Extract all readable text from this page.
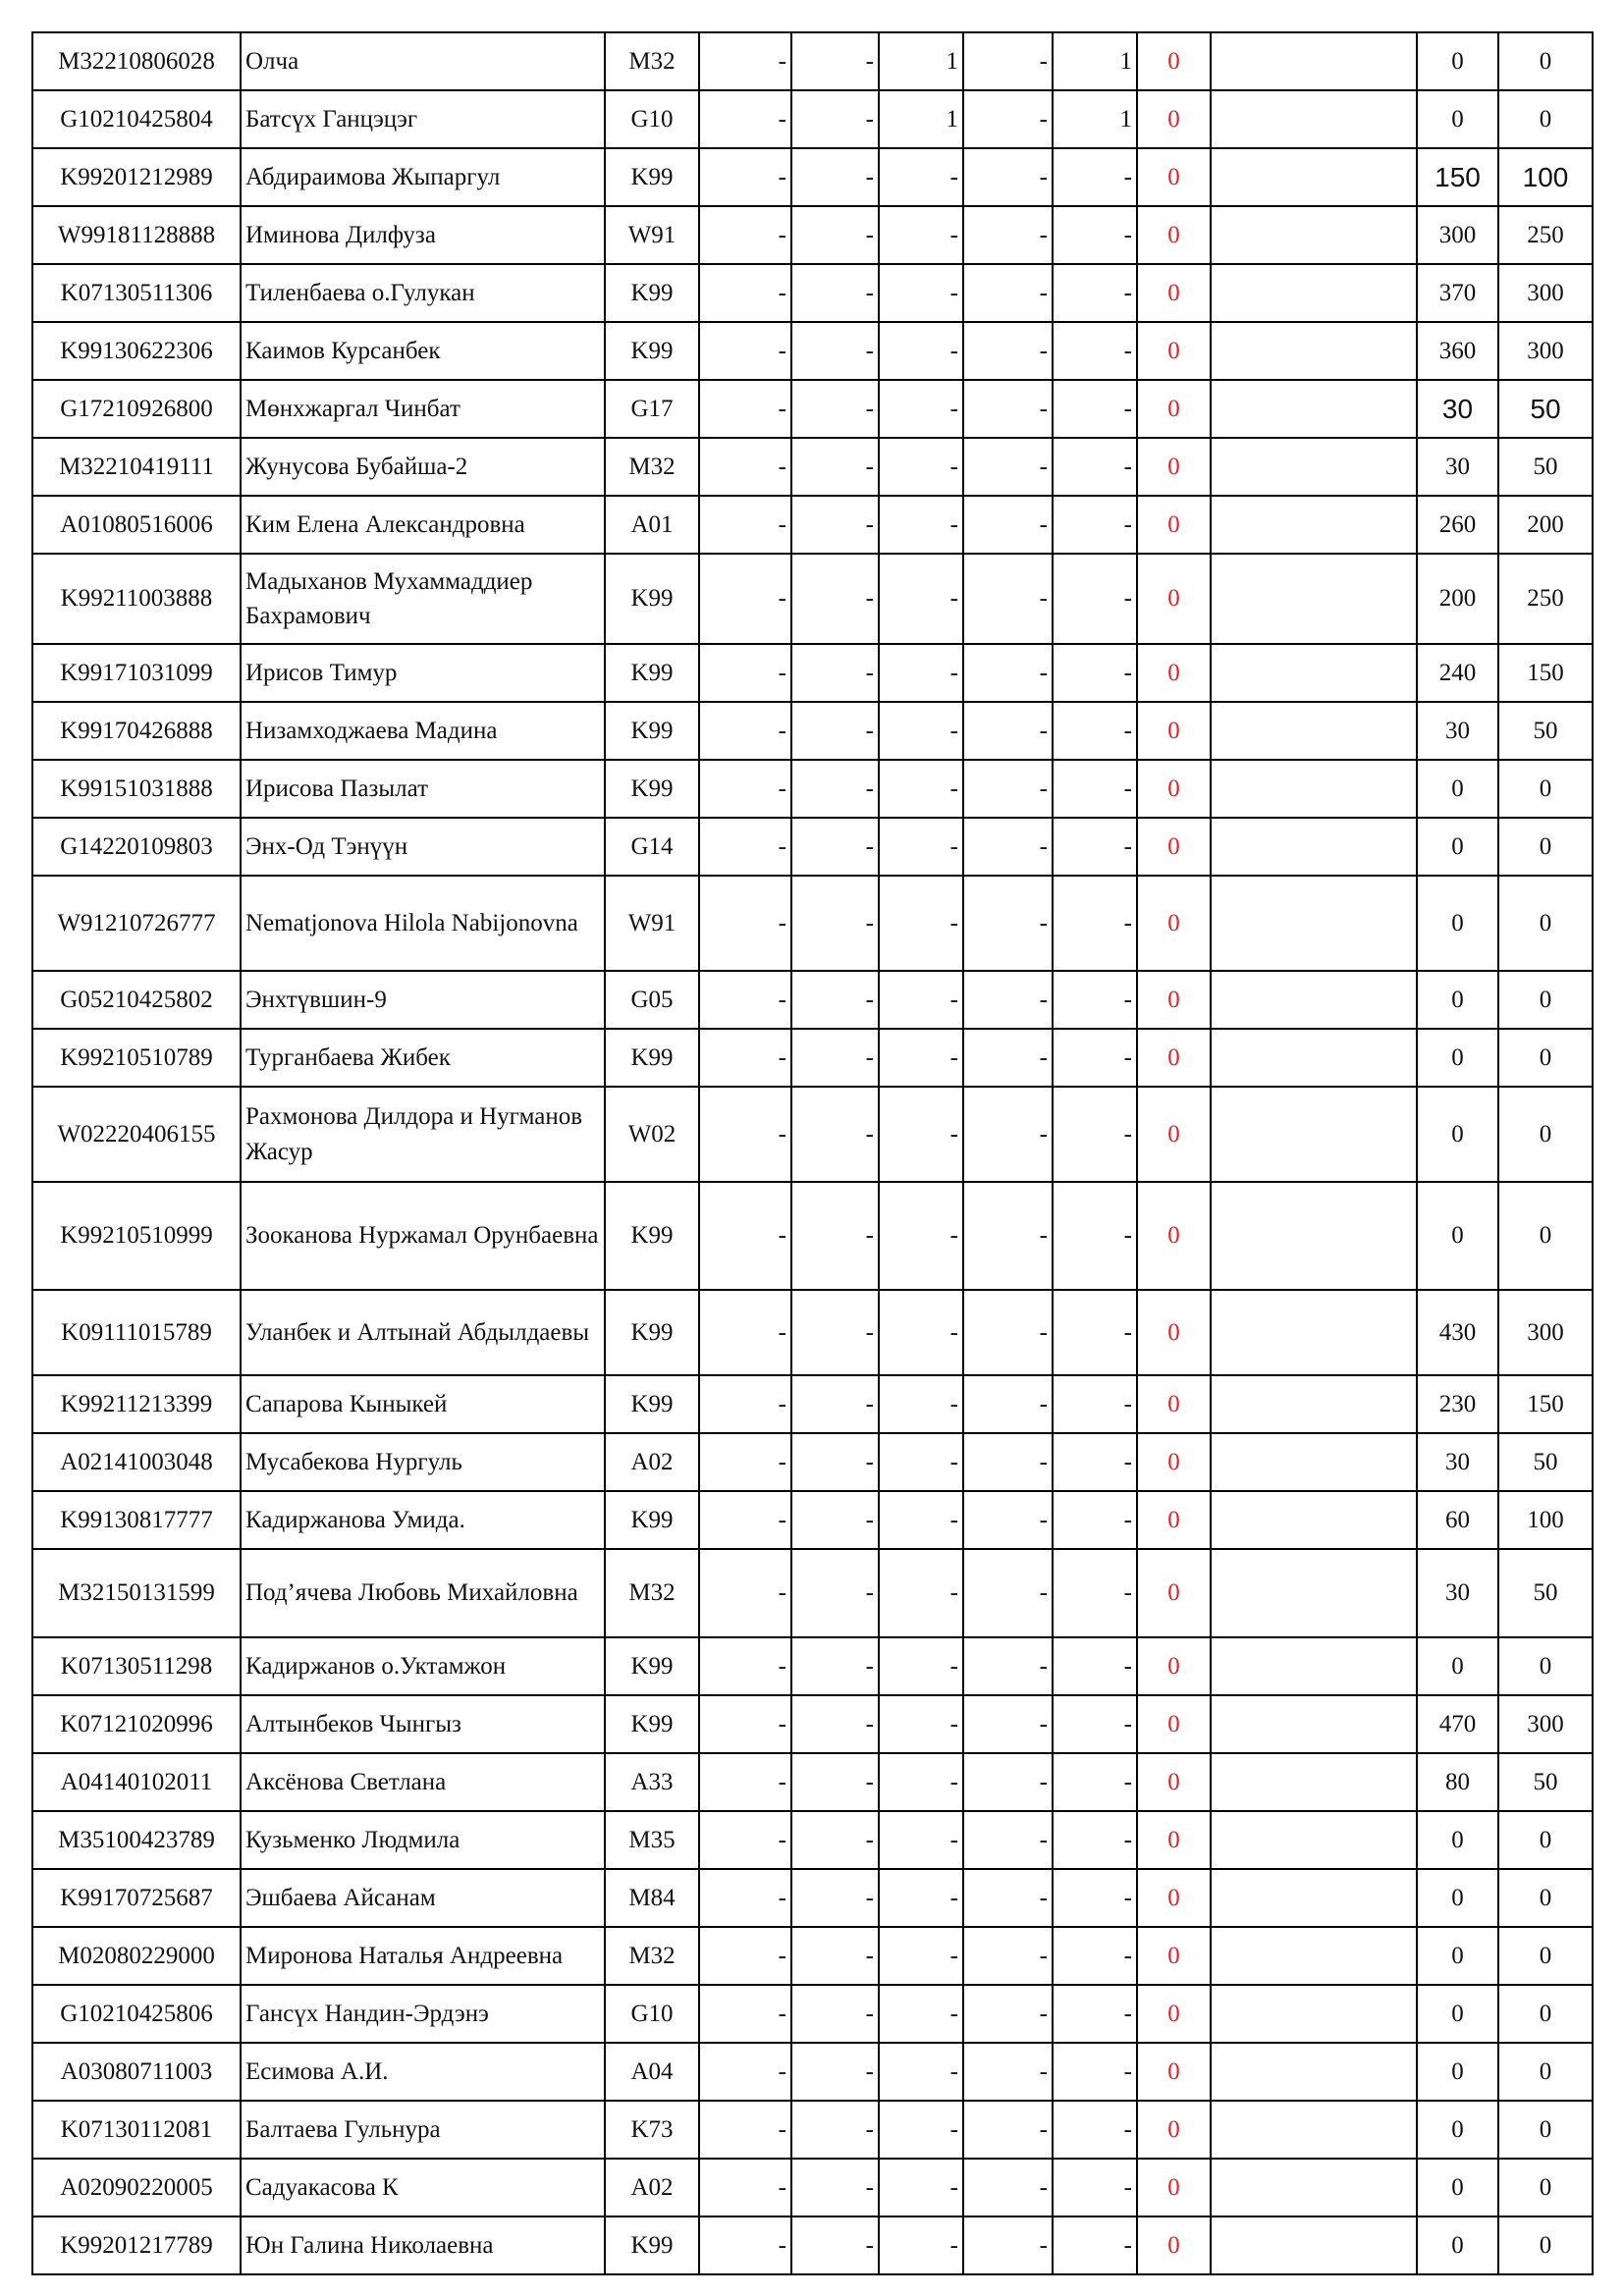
M32210806028	Олча	M32	-	-	1	-	1	0		0	0
G10210425804	Батсүх Ганцэцэг	G10	-	-	1	-	1	0		0	0
K99201212989	Абдираимова Жыпаргул	K99	-	-	-	-	-	0		150	100
W99181128888	Иминова Дилфуза	W91	-	-	-	-	-	0		300	250
K07130511306	Тиленбаева о.Гулукан	K99	-	-	-	-	-	0		370	300
K99130622306	Каимов Курсанбек	K99	-	-	-	-	-	0		360	300
G17210926800	Мөнхжаргал Чинбат	G17	-	-	-	-	-	0		30	50
M32210419111	Жунусова Бубайша-2	M32	-	-	-	-	-	0		30	50
A01080516006	Ким Елена Александровна	A01	-	-	-	-	-	0		260	200
K99211003888	Мадыханов Мухаммаддиер Бахрамович	K99	-	-	-	-	-	0		200	250
K99171031099	Ирисов Тимур	K99	-	-	-	-	-	0		240	150
K99170426888	Низамходжаева Мадина	K99	-	-	-	-	-	0		30	50
K99151031888	Ирисова Пазылат	K99	-	-	-	-	-	0		0	0
G14220109803	Энх-Од Тэнүүн	G14	-	-	-	-	-	0		0	0
W91210726777	Nematjonova Hilola Nabijonovna	W91	-	-	-	-	-	0		0	0
G05210425802	Энхтүвшин-9	G05	-	-	-	-	-	0		0	0
K99210510789	Турганбаева Жибек	K99	-	-	-	-	-	0		0	0
W02220406155	Рахмонова Дилдора и Нугманов Жасур	W02	-	-	-	-	-	0		0	0
K99210510999	Зооканова Нуржамал Орунбаевна	K99	-	-	-	-	-	0		0	0
K09111015789	Уланбек и Алтынай Абдылдаевы	K99	-	-	-	-	-	0		430	300
K99211213399	Сапарова Кыныкей	K99	-	-	-	-	-	0		230	150
A02141003048	Мусабекова Нургуль	A02	-	-	-	-	-	0		30	50
K99130817777	Кадиржанова Умида.	K99	-	-	-	-	-	0		60	100
M32150131599	Под’ячева Любовь Михайловна	M32	-	-	-	-	-	0		30	50
K07130511298	Кадиржанов о.Уктамжон	K99	-	-	-	-	-	0		0	0
K07121020996	Алтынбеков Чынгыз	K99	-	-	-	-	-	0		470	300
A04140102011	Аксёнова Светлана	A33	-	-	-	-	-	0		80	50
M35100423789	Кузьменко Людмила	M35	-	-	-	-	-	0		0	0
K99170725687	Эшбаева Айсанам	M84	-	-	-	-	-	0		0	0
M02080229000	Миронова Наталья Андреевна	M32	-	-	-	-	-	0		0	0
G10210425806	Гансүх Нандин-Эрдэнэ	G10	-	-	-	-	-	0		0	0
A03080711003	Есимова А.И.	A04	-	-	-	-	-	0		0	0
K07130112081	Балтаева Гульнура	K73	-	-	-	-	-	0		0	0
A02090220005	Садуакасова К	A02	-	-	-	-	-	0		0	0
K99201217789	Юн Галина Николаевна	K99	-	-	-	-	-	0		0	0
